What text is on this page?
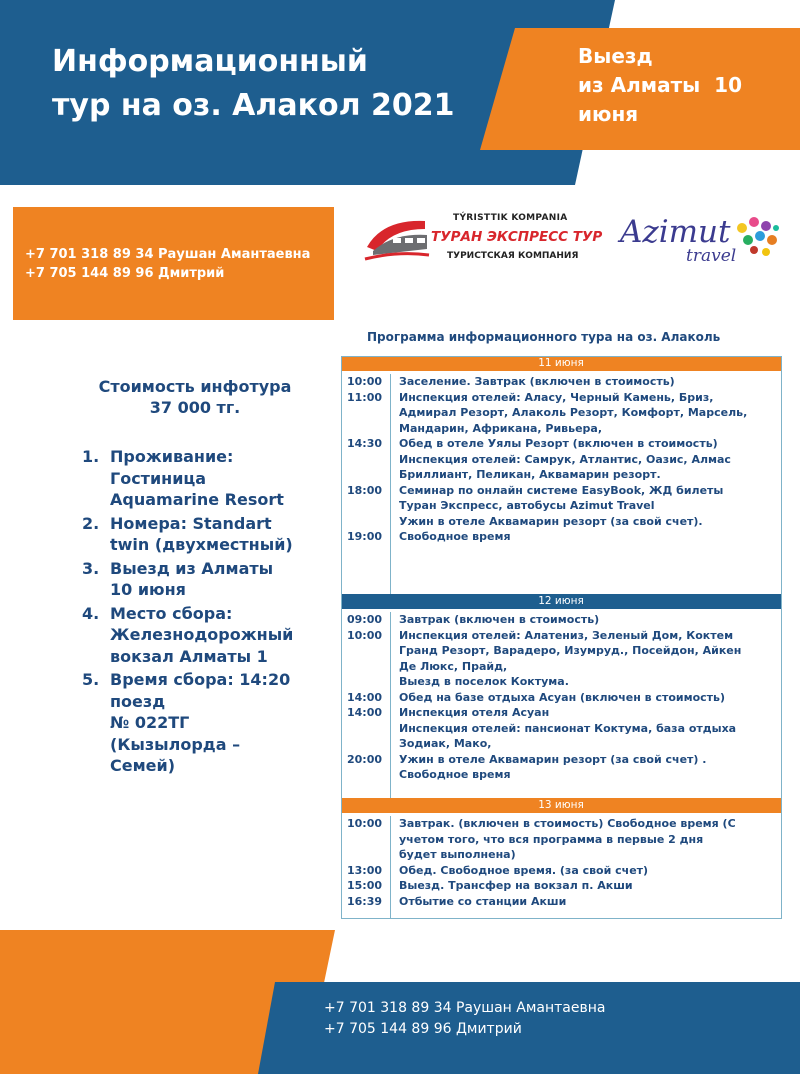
Информационный
тур на оз. Алакол 2021
Выезд
из Алматы  10
июня
+7 701 318 89 34 Раушан Амантаевна
+7 705 144 89 96 Дмитрий
TÝRISTTIK KOMPANIA
ТУРАН ЭКСПРЕСС ТУР
ТУРИСТСКАЯ КОМПАНИЯ
Azimut
travel
Программа информационного тура на оз. Алаколь
Стоимость инфотура
37 000 тг.
1. Проживание:
Гостиница
Aquamarine Resort
2. Номера: Standart
twin (двухместный)
3. Выезд из Алматы
10 июня
4. Место сбора:
Железнодорожный
вокзал Алматы 1
5. Время сбора: 14:20
поезд
№ 022ТГ
(Кызылорда –
Семей)
11 июня
10:00	Заселение. Завтрак (включен в стоимость)
11:00	Инспекция отелей: Аласу, Черный Камень, Бриз,
Адмирал Резорт, Алаколь Резорт, Комфорт, Марсель,
Мандарин, Африкана, Ривьера,
14:30	Обед в отеле Уялы Резорт (включен в стоимость)
Инспекция отелей: Самрук, Атлантис, Оазис, Алмас
Бриллиант, Пеликан, Аквамарин резорт.
18:00	Семинар по онлайн системе EasyBook, ЖД билеты
Туран Экспресс, автобусы Azimut Travel
Ужин в отеле Аквамарин резорт (за свой счет).
19:00	Свободное время
12 июня
09:00	Завтрак (включен в стоимость)
10:00	Инспекция отелей: Алатениз, Зеленый Дом, Коктем
Гранд Резорт, Варадеро, Изумруд., Посейдон, Айкен
Де Люкс, Прайд,
Выезд в поселок Коктума.
14:00	Обед на базе отдыха Асуан (включен в стоимость)
14:00	Инспекция отеля Асуан
Инспекция отелей: пансионат Коктума, база отдыха
Зодиак, Мако,
20:00	Ужин в отеле Аквамарин резорт (за свой счет) .
Свободное время
13 июня
10:00	Завтрак. (включен в стоимость) Свободное время (С
учетом того, что вся программа в первые 2 дня
будет выполнена)
13:00	Обед. Свободное время. (за свой счет)
15:00	Выезд. Трансфер на вокзал п. Акши
16:39	Отбытие со станции Акши
+7 701 318 89 34 Раушан Амантаевна
+7 705 144 89 96 Дмитрий
